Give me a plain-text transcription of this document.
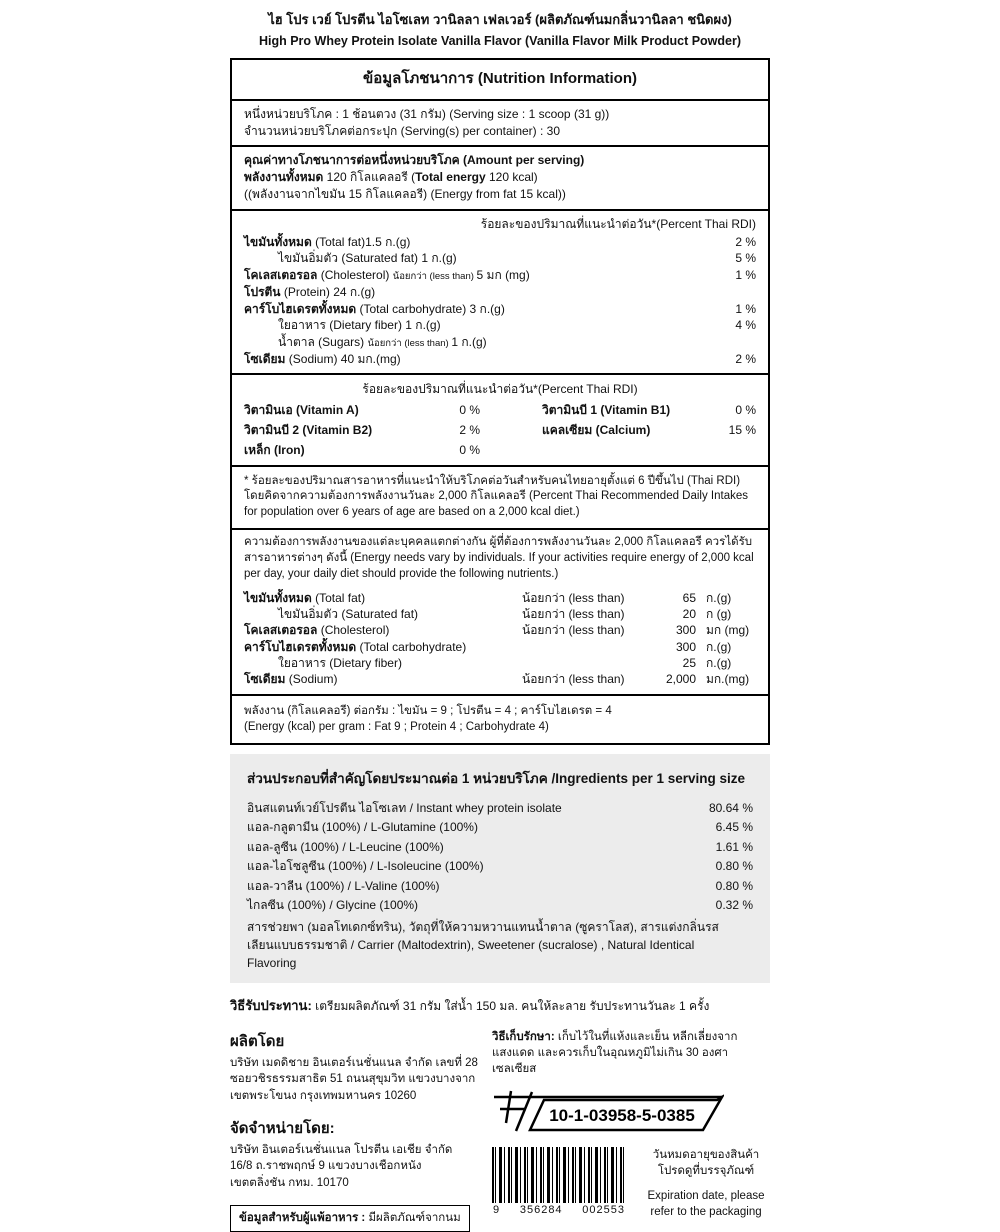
ไฮ โปร เวย์ โปรตีน ไอโซเลท วานิลลา เฟลเวอร์ (ผลิตภัณฑ์นมกลิ่นวานิลลา ชนิดผง)
High Pro Whey Protein Isolate Vanilla Flavor (Vanilla Flavor Milk Product Powder)
ข้อมูลโภชนาการ (Nutrition Information)
หนึ่งหน่วยบริโภค : 1 ช้อนตวง (31 กรัม) (Serving size : 1 scoop (31 g))
จำนวนหน่วยบริโภคต่อกระปุก (Serving(s) per container) : 30
คุณค่าทางโภชนาการต่อหนึ่งหน่วยบริโภค (Amount per serving)
พลังงานทั้งหมด 120 กิโลแคลอรี (Total energy 120 kcal)
((พลังงานจากไขมัน 15 กิโลแคลอรี) (Energy from fat 15 kcal))
ร้อยละของปริมาณที่แนะนำต่อวัน*(Percent Thai RDI)
ไขมันทั้งหมด (Total fat)1.5 ก.(g)	2 %
ไขมันอิ่มตัว (Saturated fat) 1 ก.(g)	5 %
โคเลสเตอรอล (Cholesterol) น้อยกว่า (less than) 5 มก (mg)	1 %
โปรตีน (Protein) 24 ก.(g)
คาร์โบไฮเดรตทั้งหมด (Total carbohydrate) 3 ก.(g)	1 %
ใยอาหาร (Dietary fiber) 1 ก.(g)	4 %
น้ำตาล (Sugars) น้อยกว่า (less than) 1 ก.(g)
โซเดียม (Sodium) 40 มก.(mg)	2 %
ร้อยละของปริมาณที่แนะนำต่อวัน*(Percent Thai RDI)
วิตามินเอ (Vitamin A)	0 %	วิตามินบี 1 (Vitamin B1)	0 %
วิตามินบี 2 (Vitamin B2)	2 %	แคลเซียม (Calcium)	15 %
เหล็ก (Iron)	0 %
* ร้อยละของปริมาณสารอาหารที่แนะนำให้บริโภคต่อวันสำหรับคนไทยอายุตั้งแต่ 6 ปีขึ้นไป (Thai RDI) โดยคิดจากความต้องการพลังงานวันละ 2,000 กิโลแคลอรี (Percent Thai Recommended Daily Intakes for population over 6 years of age are based on a 2,000 kcal diet.)
ความต้องการพลังงานของแต่ละบุคคลแตกต่างกัน ผู้ที่ต้องการพลังงานวันละ 2,000 กิโลแคลอรี ควรได้รับสารอาหารต่างๆ ดังนี้ (Energy needs vary by individuals. If your activities require energy of 2,000 kcal per day, your daily diet should provide the following nutrients.)
ไขมันทั้งหมด (Total fat)	น้อยกว่า (less than)	65 ก.(g)
ไขมันอิ่มตัว (Saturated fat)	น้อยกว่า (less than)	20 ก (g)
โคเลสเตอรอล (Cholesterol)	น้อยกว่า (less than)	300 มก (mg)
คาร์โบไฮเดรตทั้งหมด (Total carbohydrate)	300 ก.(g)
ใยอาหาร (Dietary fiber)	25 ก.(g)
โซเดียม (Sodium)	น้อยกว่า (less than)	2,000 มก.(mg)
พลังงาน (กิโลแคลอรี) ต่อกรัม : ไขมัน = 9 ; โปรตีน = 4 ; คาร์โบไฮเดรต = 4
(Energy (kcal) per gram : Fat 9 ; Protein 4 ; Carbohydrate 4)
ส่วนประกอบที่สำคัญโดยประมาณต่อ 1 หน่วยบริโภค /Ingredients per 1 serving size
อินสแตนท์เวย์โปรตีน ไอโซเลท / Instant whey protein isolate	80.64 %
แอล-กลูตามีน (100%) / L-Glutamine (100%)	6.45 %
แอล-ลูซีน (100%) / L-Leucine (100%)	1.61 %
แอล-ไอโซลูซีน (100%) / L-Isoleucine (100%)	0.80 %
แอล-วาลีน (100%) / L-Valine (100%)	0.80 %
ไกลซีน (100%) / Glycine (100%)	0.32 %
สารช่วยพา (มอลโทเดกซ์ทริน), วัตถุที่ให้ความหวานแทนน้ำตาล (ซูคราโลส), สารแต่งกลิ่นรส เลียนแบบธรรมชาติ / Carrier (Maltodextrin), Sweetener (sucralose) , Natural Identical Flavoring
วิธีรับประทาน: เตรียมผลิตภัณฑ์ 31 กรัม ใส่น้ำ 150 มล. คนให้ละลาย รับประทานวันละ 1 ครั้ง
ผลิตโดย
บริษัท เมดดิชาย อินเตอร์เนชั่นแนล จำกัด เลขที่ 28
ซอยวชิรธรรมสาธิต 51 ถนนสุขุมวิท แขวงบางจาก
เขตพระโขนง กรุงเทพมหานคร 10260
จัดจำหน่ายโดย:
บริษัท อินเตอร์เนชั่นแนล โปรตีน เอเชีย จำกัด
16/8 ถ.ราชพฤกษ์ 9 แขวงบางเชือกหนัง
เขตตลิ่งชัน กทม. 10170
ข้อมูลสำหรับผู้แพ้อาหาร : มีผลิตภัณฑ์จากนม
วิธีเก็บรักษา: เก็บไว้ในที่แห้งและเย็น หลีกเลี่ยงจากแสงแดด และควรเก็บในอุณหภูมิไม่เกิน 30 องศาเซลเซียส
10-1-03958-5-0385
9 356284 002553
วันหมดอายุของสินค้า
โปรดดูที่บรรจุภัณฑ์
Expiration date, please
refer to the packaging
